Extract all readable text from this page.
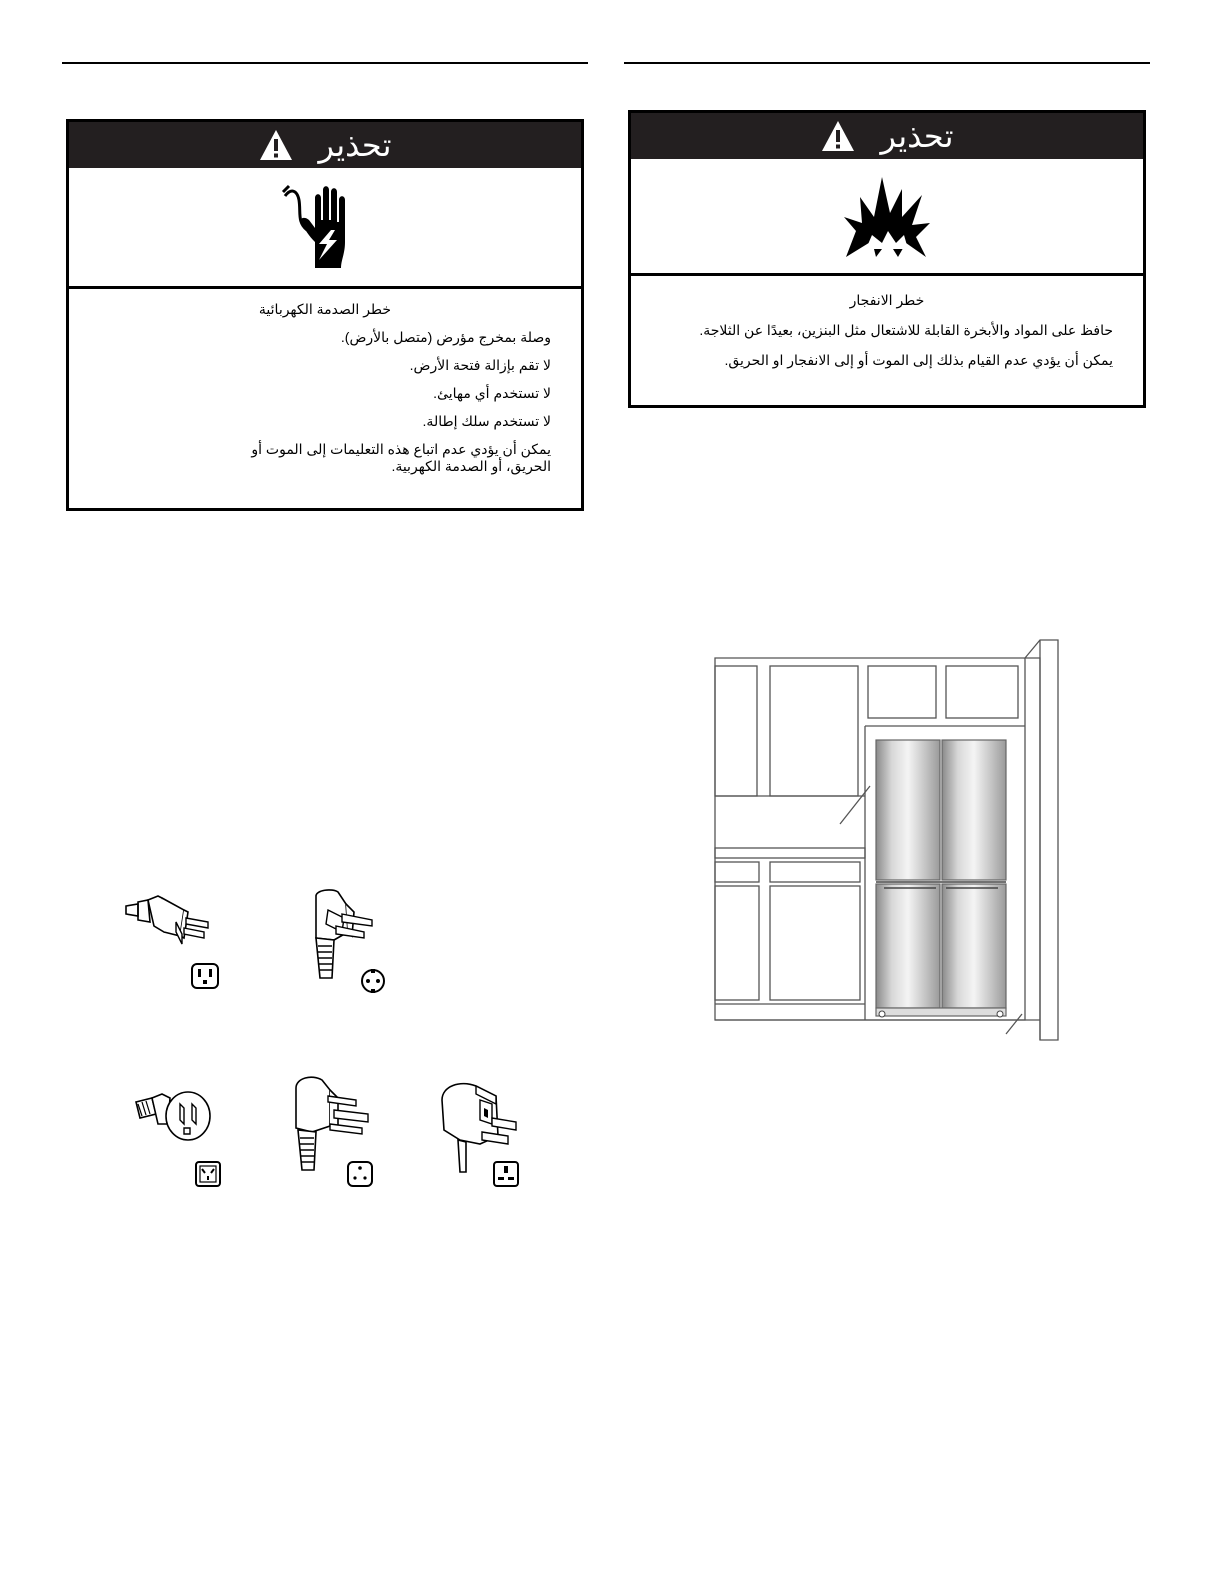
تحذير
خطر الصدمة الكهربائية
وصلة بمخرج مؤرض (متصل بالأرض).
لا تقم بإزالة فتحة الأرض.
لا تستخدم أي مهايئ.
لا تستخدم سلك إطالة.
يمكن أن يؤدي عدم اتباع هذه التعليمات إلى الموت أو الحريق، أو الصدمة الكهربية.
تحذير
خطر الانفجار
حافظ على المواد والأبخرة القابلة للاشتعال مثل البنزين، بعيدًا عن الثلاجة.
يمكن أن يؤدي عدم القيام بذلك إلى الموت أو إلى الانفجار او الحريق.
